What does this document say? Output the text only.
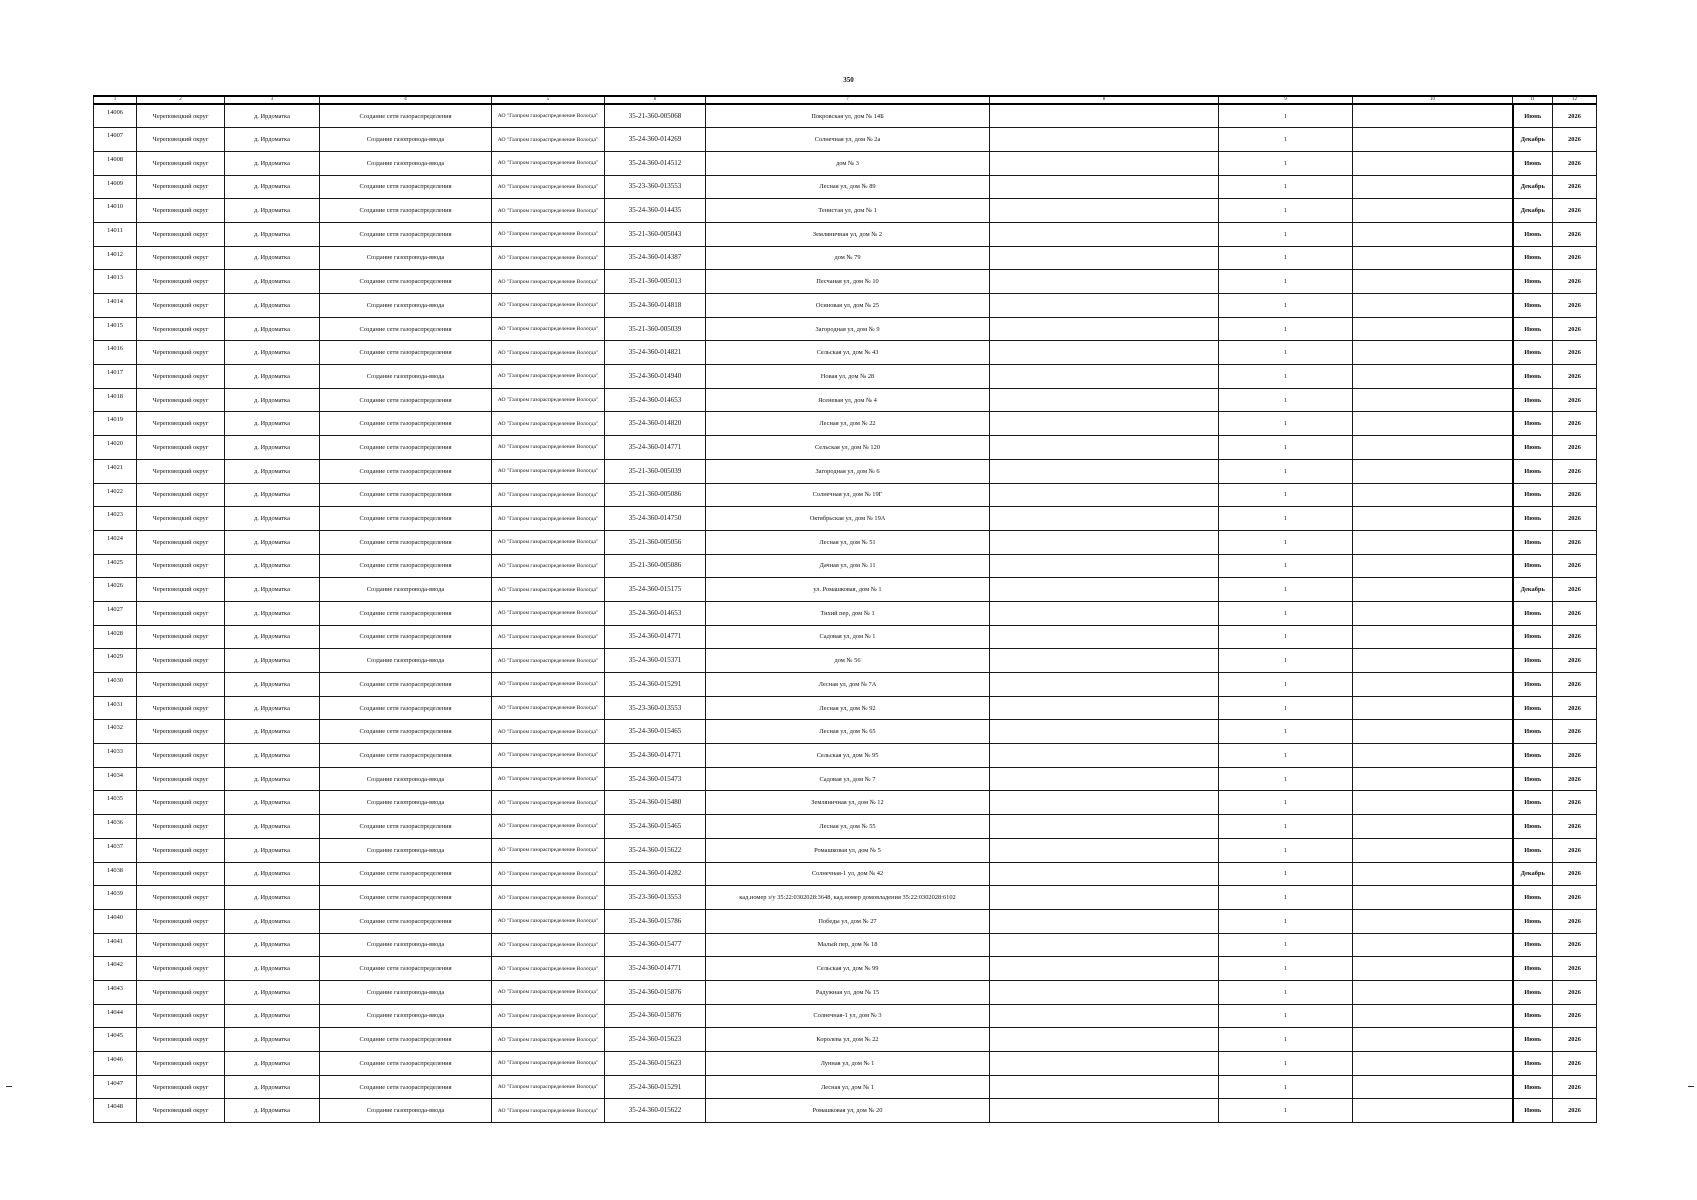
350
1	2	3	4	5	6	7	8	9	10	11	12
14006	Череповецкий округ	д. Ирдоматка	Создание сети газораспределения	АО "Газпром газораспределение Вологда"	35-21-360-005068	Покровская ул, дом № 14Б		1		Июнь	2026
14007	Череповецкий округ	д. Ирдоматка	Создание газопровода-ввода	АО "Газпром газораспределение Вологда"	35-24-360-014269	Солнечная ул, дом № 2а		1		Декабрь	2026
14008	Череповецкий округ	д. Ирдоматка	Создание газопровода-ввода	АО "Газпром газораспределение Вологда"	35-24-360-014512	дом № 3		1		Июнь	2026
14009	Череповецкий округ	д. Ирдоматка	Создание сети газораспределения	АО "Газпром газораспределение Вологда"	35-23-360-013553	Лесная ул, дом № 89		1		Декабрь	2026
14010	Череповецкий округ	д. Ирдоматка	Создание сети газораспределения	АО "Газпром газораспределение Вологда"	35-24-360-014435	Тенистая ул, дом № 1		1		Декабрь	2026
14011	Череповецкий округ	д. Ирдоматка	Создание сети газораспределения	АО "Газпром газораспределение Вологда"	35-21-360-005043	Земляничная ул, дом № 2		1		Июнь	2026
14012	Череповецкий округ	д. Ирдоматка	Создание газопровода-ввода	АО "Газпром газораспределение Вологда"	35-24-360-014387	дом № 79		1		Июнь	2026
14013	Череповецкий округ	д. Ирдоматка	Создание сети газораспределения	АО "Газпром газораспределение Вологда"	35-21-360-005013	Песчаная ул, дом № 10		1		Июнь	2026
14014	Череповецкий округ	д. Ирдоматка	Создание газопровода-ввода	АО "Газпром газораспределение Вологда"	35-24-360-014818	Осиновая ул, дом № 25		1		Июнь	2026
14015	Череповецкий округ	д. Ирдоматка	Создание сети газораспределения	АО "Газпром газораспределение Вологда"	35-21-360-005039	Загородная ул, дом № 9		1		Июнь	2026
14016	Череповецкий округ	д. Ирдоматка	Создание сети газораспределения	АО "Газпром газораспределение Вологда"	35-24-360-014821	Сельская ул, дом № 43		1		Июнь	2026
14017	Череповецкий округ	д. Ирдоматка	Создание газопровода-ввода	АО "Газпром газораспределение Вологда"	35-24-360-014940	Новая ул, дом № 28		1		Июнь	2026
14018	Череповецкий округ	д. Ирдоматка	Создание сети газораспределения	АО "Газпром газораспределение Вологда"	35-24-360-014653	Ясеневая ул, дом № 4		1		Июнь	2026
14019	Череповецкий округ	д. Ирдоматка	Создание сети газораспределения	АО "Газпром газораспределение Вологда"	35-24-360-014820	Лесная ул, дом № 22		1		Июнь	2026
14020	Череповецкий округ	д. Ирдоматка	Создание сети газораспределения	АО "Газпром газораспределение Вологда"	35-24-360-014771	Сельская ул, дом № 120		1		Июнь	2026
14021	Череповецкий округ	д. Ирдоматка	Создание сети газораспределения	АО "Газпром газораспределение Вологда"	35-21-360-005039	Загородная ул, дом № 6		1		Июнь	2026
14022	Череповецкий округ	д. Ирдоматка	Создание сети газораспределения	АО "Газпром газораспределение Вологда"	35-21-360-005086	Солнечная ул, дом № 19Г		1		Июнь	2026
14023	Череповецкий округ	д. Ирдоматка	Создание сети газораспределения	АО "Газпром газораспределение Вологда"	35-24-360-014750	Октябрьская ул, дом № 19А		1		Июнь	2026
14024	Череповецкий округ	д. Ирдоматка	Создание сети газораспределения	АО "Газпром газораспределение Вологда"	35-21-360-005056	Лесная ул, дом № 51		1		Июнь	2026
14025	Череповецкий округ	д. Ирдоматка	Создание сети газораспределения	АО "Газпром газораспределение Вологда"	35-21-360-005086	Дачная ул, дом № 11		1		Июнь	2026
14026	Череповецкий округ	д. Ирдоматка	Создание газопровода-ввода	АО "Газпром газораспределение Вологда"	35-24-360-015175	ул. Ромашковая, дом № 1		1		Декабрь	2026
14027	Череповецкий округ	д. Ирдоматка	Создание сети газораспределения	АО "Газпром газораспределение Вологда"	35-24-360-014653	Тихий пер, дом № 1		1		Июнь	2026
14028	Череповецкий округ	д. Ирдоматка	Создание сети газораспределения	АО "Газпром газораспределение Вологда"	35-24-360-014771	Садовая ул, дом № 1		1		Июнь	2026
14029	Череповецкий округ	д. Ирдоматка	Создание газопровода-ввода	АО "Газпром газораспределение Вологда"	35-24-360-015371	дом № 56		1		Июнь	2026
14030	Череповецкий округ	д. Ирдоматка	Создание сети газораспределения	АО "Газпром газораспределение Вологда"	35-24-360-015291	Лесная ул, дом № 7А		1		Июнь	2026
14031	Череповецкий округ	д. Ирдоматка	Создание сети газораспределения	АО "Газпром газораспределение Вологда"	35-23-360-013553	Лесная ул, дом № 92		1		Июнь	2026
14032	Череповецкий округ	д. Ирдоматка	Создание сети газораспределения	АО "Газпром газораспределение Вологда"	35-24-360-015465	Лесная ул, дом № 65		1		Июнь	2026
14033	Череповецкий округ	д. Ирдоматка	Создание сети газораспределения	АО "Газпром газораспределение Вологда"	35-24-360-014771	Сельская ул, дом № 95		1		Июнь	2026
14034	Череповецкий округ	д. Ирдоматка	Создание газопровода-ввода	АО "Газпром газораспределение Вологда"	35-24-360-015473	Садовая ул, дом № 7		1		Июнь	2026
14035	Череповецкий округ	д. Ирдоматка	Создание газопровода-ввода	АО "Газпром газораспределение Вологда"	35-24-360-015480	Земляничная ул, дом № 12		1		Июнь	2026
14036	Череповецкий округ	д. Ирдоматка	Создание сети газораспределения	АО "Газпром газораспределение Вологда"	35-24-360-015465	Лесная ул, дом № 55		1		Июнь	2026
14037	Череповецкий округ	д. Ирдоматка	Создание газопровода-ввода	АО "Газпром газораспределение Вологда"	35-24-360-015622	Ромашковая ул, дом № 5		1		Июнь	2026
14038	Череповецкий округ	д. Ирдоматка	Создание сети газораспределения	АО "Газпром газораспределение Вологда"	35-24-360-014282	Солнечная-1 ул, дом № 42		1		Декабрь	2026
14039	Череповецкий округ	д. Ирдоматка	Создание сети газораспределения	АО "Газпром газораспределение Вологда"	35-23-360-013553	кад.номер з/у 35:22:0302028:3648, кад.номер домовладения 35:22:0302028:6102		1		Июнь	2026
14040	Череповецкий округ	д. Ирдоматка	Создание сети газораспределения	АО "Газпром газораспределение Вологда"	35-24-360-015786	Победы ул, дом № 27		1		Июнь	2026
14041	Череповецкий округ	д. Ирдоматка	Создание газопровода-ввода	АО "Газпром газораспределение Вологда"	35-24-360-015477	Малый пер, дом № 18		1		Июнь	2026
14042	Череповецкий округ	д. Ирдоматка	Создание сети газораспределения	АО "Газпром газораспределение Вологда"	35-24-360-014771	Сельская ул, дом № 99		1		Июнь	2026
14043	Череповецкий округ	д. Ирдоматка	Создание газопровода-ввода	АО "Газпром газораспределение Вологда"	35-24-360-015876	Радужная ул, дом № 15		1		Июнь	2026
14044	Череповецкий округ	д. Ирдоматка	Создание газопровода-ввода	АО "Газпром газораспределение Вологда"	35-24-360-015876	Солнечная-1 ул, дом № 3		1		Июнь	2026
14045	Череповецкий округ	д. Ирдоматка	Создание сети газораспределения	АО "Газпром газораспределение Вологда"	35-24-360-015623	Королева ул, дом № 22		1		Июнь	2026
14046	Череповецкий округ	д. Ирдоматка	Создание сети газораспределения	АО "Газпром газораспределение Вологда"	35-24-360-015623	Лунная ул, дом № 1		1		Июнь	2026
14047	Череповецкий округ	д. Ирдоматка	Создание сети газораспределения	АО "Газпром газораспределение Вологда"	35-24-360-015291	Лесная ул, дом № 1		1		Июнь	2026
14048	Череповецкий округ	д. Ирдоматка	Создание газопровода-ввода	АО "Газпром газораспределение Вологда"	35-24-360-015622	Ромашковая ул, дом № 20		1		Июнь	2026
